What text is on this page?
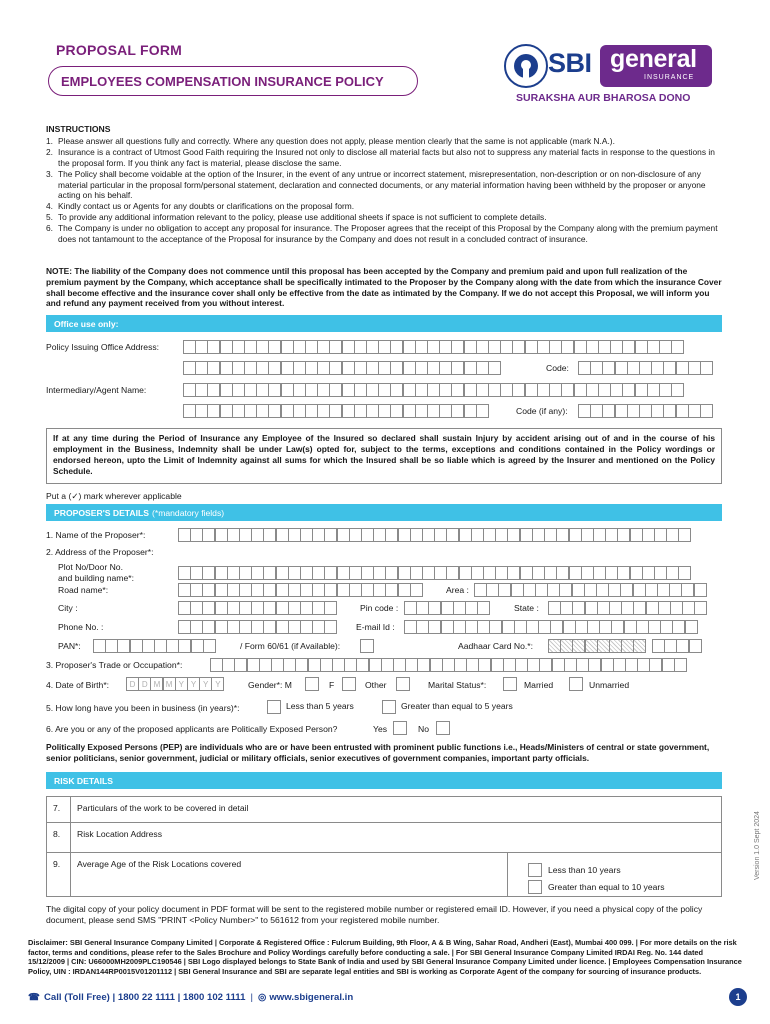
PROPOSAL FORM
EMPLOYEES COMPENSATION INSURANCE POLICY
SBI general
INSURANCE
SURAKSHA AUR BHAROSA DONO
INSTRUCTIONS
1. Please answer all questions fully and correctly. Where any question does not apply, please mention clearly that the same is not applicable (mark N.A.).
2. Insurance is a contract of Utmost Good Faith requiring the Insured not only to disclose all material facts but also not to suppress any material facts in response to the questions in the proposal form. If you think any fact is material, please disclose the same.
3. The Policy shall become voidable at the option of the Insurer, in the event of any untrue or incorrect statement, misrepresentation, non-description or on non-disclosure of any material particular in the proposal form/personal statement, declaration and connected documents, or any material information having been withheld by the proposer or anyone acting on his behalf.
4. Kindly contact us or Agents for any doubts or clarifications on the proposal form.
5. To provide any additional information relevant to the policy, please use additional sheets if space is not sufficient to complete details.
6. The Company is under no obligation to accept any proposal for insurance. The Proposer agrees that the receipt of this Proposal by the Company along with the premium payment does not tantamount to the acceptance of the Proposal for insurance by the Company and does not result in a concluded contract of insurance.
NOTE: The liability of the Company does not commence until this proposal has been accepted by the Company and premium paid and upon full realization of the premium payment by the Company, which acceptance shall be specifically intimated to the Proposer by the Company along with the date from which the insurance Cover shall become effective and the insurance cover shall only be effective from the date as intimated by the Company. If we do not accept this Proposal, we will inform you and refund any payment received from you without interest.
Office use only:
Policy Issuing Office Address:
Code:
Intermediary/Agent Name:
Code (if any):
If at any time during the Period of Insurance any Employee of the Insured so declared shall sustain Injury by accident arising out of and in the course of his employment in the Business, Indemnity shall be under Law(s) opted for, subject to the terms, exceptions and conditions contained in the Policy wordings or endorsed hereon, upto the Limit of Indemnity against all sums for which the Insured shall be so liable which is agreed by the Insurer and mentioned on the Policy Schedule.
Put a (✓) mark wherever applicable
PROPOSER'S DETAILS (*mandatory fields)
1. Name of the Proposer*:
2. Address of the Proposer*:
Plot No/Door No.
and building name*:
Road name*:	Area :
City :	Pin code :	State :
Phone No. :	E-mail Id :
PAN*:	/ Form 60/61 (if Available):	Aadhaar Card No.*:
3. Proposer's Trade or Occupation*:
4. Date of Birth*:	D D M M Y Y Y Y	Gender*: M	F	Other	Marital Status*:	Married	Unmarried
5. How long have you been in business (in years)*:	Less than 5 years	Greater than equal to 5 years
6. Are you or any of the proposed applicants are Politically Exposed Person?	Yes	No
Politically Exposed Persons (PEP) are individuals who are or have been entrusted with prominent public functions i.e., Heads/Ministers of central or state government, senior politicians, senior government, judicial or military officials, senior executives of government companies, important party officials.
RISK DETAILS
7.	Particulars of the work to be covered in detail
8.	Risk Location Address
9.	Average Age of the Risk Locations covered
Less than 10 years
Greater than equal to 10 years
The digital copy of your policy document in PDF format will be sent to the registered mobile number or registered email ID. However, if you need a physical copy of the policy document, please send SMS "PRINT <Policy Number>" to 561612 from your registered mobile number.
Disclaimer: SBI General Insurance Company Limited | Corporate & Registered Office : Fulcrum Building, 9th Floor, A & B Wing, Sahar Road, Andheri (East), Mumbai 400 099. | For more details on the risk factor, terms and conditions, please refer to the Sales Brochure and Policy Wordings carefully before conducting a sale. | For SBI General Insurance Company Limited IRDAI Reg. No. 144 dated 15/12/2009 | CIN: U66000MH2009PLC190546 | SBI Logo displayed belongs to State Bank of India and used by SBI General Insurance Company Limited under licence. | Employees Compensation Insurance Policy, UIN : IRDAN144RP0015V01201112 | SBI General Insurance and SBI are separate legal entities and SBI is working as Corporate Agent of the company for sourcing of insurance products.
☎ Call (Toll Free) | 1800 22 1111 | 1800 102 1111 | ◎ www.sbigeneral.in	1
Version 1.0 Sept 2024
